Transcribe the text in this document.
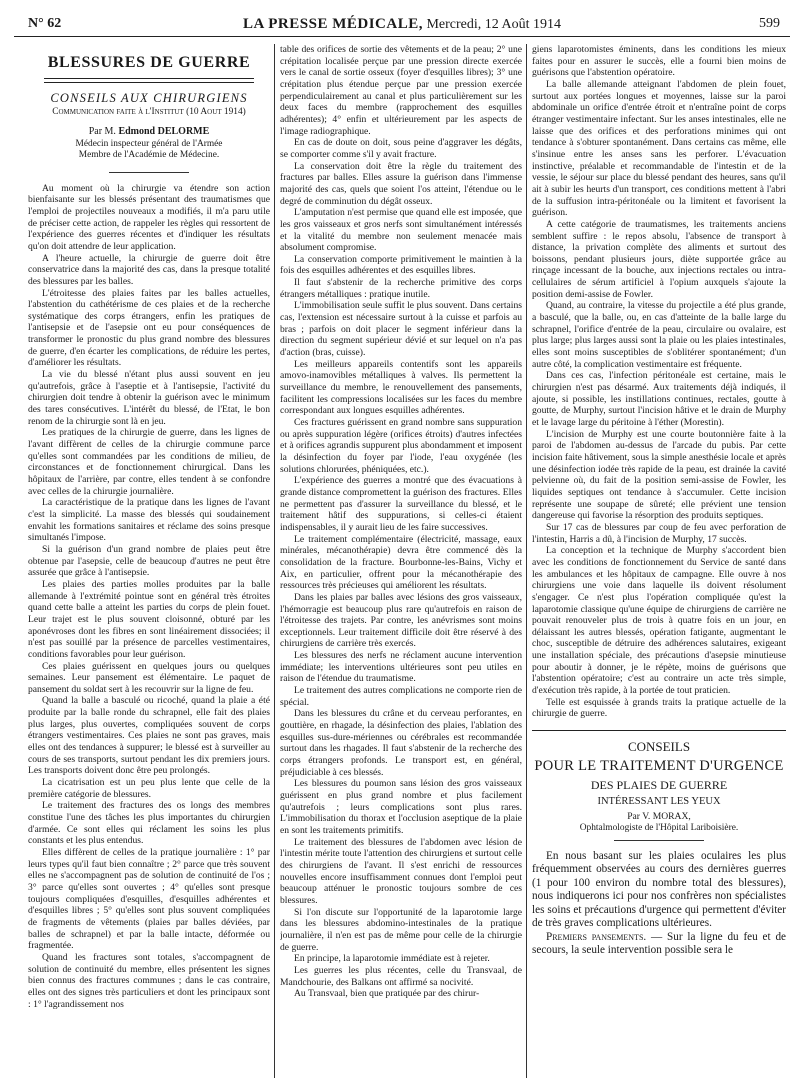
N° 62	LA PRESSE MÉDICALE, Mercredi, 12 Août 1914	599
BLESSURES DE GUERRE
CONSEILS AUX CHIRURGIENS
Communication faite à l'Institut (10 Aout 1914)
Par M. Edmond DELORME
Médecin inspecteur général de l'Armée
Membre de l'Académie de Médecine.

Au moment où la chirurgie va étendre son action bienfaisante sur les blessés présentant des traumatismes que l'emploi de projectiles nouveaux a modifiés, il m'a paru utile de préciser cette action, de rappeler les règles qui ressortent de l'expérience des guerres récentes et d'indiquer les résultats qu'on doit attendre de leur application.

A l'heure actuelle, la chirurgie de guerre doit être conservatrice dans la majorité des cas, dans la presque totalité des blessures par les balles.

L'étroitesse des plaies faites par les balles actuelles, l'abstention du cathétérisme de ces plaies et de la recherche systématique des corps étrangers, enfin les pratiques de l'antisepsie et de l'asepsie ont eu pour conséquences de transformer le pronostic du plus grand nombre des blessures de guerre, d'en écarter les complications, de réduire les pertes, d'améliorer les résultats.

La vie du blessé n'étant plus aussi souvent en jeu qu'autrefois, grâce à l'aseptie et à l'antisepsie, l'activité du chirurgien doit tendre à obtenir la guérison avec le minimum des tares consécutives. L'intérêt du blessé, de l'Etat, le bon renom de la chirurgie sont là en jeu.

Les pratiques de la chirurgie de guerre, dans les lignes de l'avant diffèrent de celles de la chirurgie commune parce qu'elles sont commandées par les conditions de milieu, de circonstances et de fonctionnement chirurgical. Dans les hôpitaux de l'arrière, par contre, elles tendent à se confondre avec celles de la chirurgie journalière.

La caractéristique de la pratique dans les lignes de l'avant c'est la simplicité. La masse des blessés qui soudainement envahit les formations sanitaires et réclame des soins presque simultanés l'impose.

Si la guérison d'un grand nombre de plaies peut être obtenue par l'asepsie, celle de beaucoup d'autres ne peut être assurée que grâce à l'antisepsie.

Les plaies des parties molles produites par la balle allemande à l'extrémité pointue sont en général très étroites quand cette balle a atteint les parties du corps de plein fouet. Leur trajet est le plus souvent cloisonné, obturé par les aponévroses dont les fibres en sont linéairement dissociées; il n'est pas souillé par la présence de parcelles vestimentaires, conditions favorables pour leur guérison.

Ces plaies guérissent en quelques jours ou quelques semaines. Leur pansement est élémentaire. Le paquet de pansement du soldat sert à les recouvrir sur la ligne de feu.

Quand la balle a basculé ou ricoché, quand la plaie a été produite par la balle ronde du schrapnel, elle fait des plaies plus larges, plus ouvertes, compliquées souvent de corps étrangers vestimentaires. Ces plaies ne sont pas graves, mais elles ont des tendances à suppurer; le blessé est à surveiller au cours de ses transports, surtout pendant les dix premiers jours. Les transports doivent donc être peu prolongés.

La cicatrisation est un peu plus lente que celle de la première catégorie de blessures.

Le traitement des fractures des os longs des membres constitue l'une des tâches les plus importantes du chirurgien d'armée. Ce sont elles qui réclament les soins les plus constants et les plus entendus.

Elles diffèrent de celles de la pratique journalière : 1° par leurs types qu'il faut bien connaître ; 2° parce que très souvent elles ne s'accompagnent pas de solution de continuité de l'os ; 3° parce qu'elles sont ouvertes ; 4° qu'elles sont presque toujours compliquées d'esquilles, d'esquilles adhérentes et d'esquilles libres ; 5° qu'elles sont plus souvent compliquées de fragments de vêtements (plaies par balles déviées, par balles de schrapnel) et par la balle intacte, déformée ou fragmentée.

Quand les fractures sont totales, s'accompagnent de solution de continuité du membre, elles présentent les signes bien connus des fractures communes ; dans le cas contraire, elles ont des signes très particuliers et dont les principaux sont : 1° l'agrandissement nos

table des orifices de sortie des vêtements et de la peau; 2° une crépitation localisée perçue par une pression directe exercée vers le canal de sortie osseux (foyer d'esquilles libres); 3° une crépitation plus étendue perçue par une pression exercée perpendiculairement au canal et plus particulièrement sur les deux faces du membre (rapprochement des esquilles adhérentes); 4° enfin et ultérieurement par les aspects de l'image radiographique.

En cas de doute on doit, sous peine d'aggraver les dégâts, se comporter comme s'il y avait fracture.

La conservation doit être la règle du traitement des fractures par balles. Elles assure la guérison dans l'immense majorité des cas, quels que soient l'os atteint, l'étendue ou le degré de comminution du dégât osseux.

L'amputation n'est permise que quand elle est imposée, que les gros vaisseaux et gros nerfs sont simultanément intéressés et la vitalité du membre non seulement menacée mais absolument compromise.

La conservation comporte primitivement le maintien à la fois des esquilles adhérentes et des esquilles libres.

Il faut s'abstenir de la recherche primitive des corps étrangers métalliques : pratique inutile.

L'immobilisation seule suffit le plus souvent. Dans certains cas, l'extension est nécessaire surtout à la cuisse et parfois au bras ; parfois on doit placer le segment inférieur dans la direction du segment supérieur dévié et sur lequel on n'a pas d'action (bras, cuisse).

Les meilleurs appareils contentifs sont les appareils amovo-inamovibles métalliques à valves. Ils permettent la surveillance du membre, le renouvellement des pansements, facilitent les compressions localisées sur les faces du membre correspondant aux longues esquilles adhérentes.

Ces fractures guérissent en grand nombre sans suppuration ou après suppuration légère (orifices étroits) d'autres infectées et à orifices agrandis suppurent plus abondamment et imposent la désinfection du foyer par l'iode, l'eau oxygénée (les solutions chlorurées, phéniquées, etc.).

L'expérience des guerres a montré que des évacuations à grande distance compromettent la guérison des fractures. Elles ne permettent pas d'assurer la surveillance du blessé, et le traitement hâtif des suppurations, si celles-ci étaient indispensables, il y aurait lieu de les faire successives.

Le traitement complémentaire (électricité, massage, eaux minérales, mécanothérapie) devra être commencé dès la consolidation de la fracture. Bourbonne-les-Bains, Vichy et Aix, en particulier, offrent pour la mécanothérapie des ressources très précieuses qui améliorent les résultats.

Dans les plaies par balles avec lésions des gros vaisseaux, l'hémorragie est beaucoup plus rare qu'autrefois en raison de l'étroitesse des trajets. Par contre, les anévrismes sont moins exceptionnels. Leur traitement difficile doit être réservé à des chirurgiens de carrière très exercés.

Les blessures des nerfs ne réclament aucune intervention immédiate; les interventions ultérieures sont peu utiles en raison de l'étendue du traumatisme.

Le traitement des autres complications ne comporte rien de spécial.

Dans les blessures du crâne et du cerveau perforantes, en gouttière, en rhagade, la désinfection des plaies, l'ablation des esquilles sus-dure-mériennes ou cérébrales est recommandée surtout dans les rhagades. Il faut s'abstenir de la recherche des corps étrangers profonds. Le transport est, en général, préjudiciable à ces blessés.

Les blessures du poumon sans lésion des gros vaisseaux guérissent en plus grand nombre et plus facilement qu'autrefois ; leurs complications sont plus rares. L'immobilisation du thorax et l'occlusion aseptique de la plaie en sont les traitements primitifs.

Le traitement des blessures de l'abdomen avec lésion de l'intestin mérite toute l'attention des chirurgiens et surtout celle des chirurgiens de l'avant. Il s'est enrichi de ressources nouvelles encore insuffisamment connues dont l'emploi peut beaucoup atténuer le pronostic toujours sombre de ces blessures.

Si l'on discute sur l'opportunité de la laparotomie large dans les blessures abdomino-intestinales de la pratique journalière, il n'en est pas de même pour celle de la chirurgie de guerre.

En principe, la laparotomie immédiate est à rejeter.

Les guerres les plus récentes, celle du Transvaal, de Mandchourie, des Balkans ont affirmé sa nocivité.

Au Transvaal, bien que pratiquée par des chirur-

giens laparotomistes éminents, dans les conditions les mieux faites pour en assurer le succès, elle a fourni bien moins de guérisons que l'abstention opératoire.

La balle allemande atteignant l'abdomen de plein fouet, surtout aux portées longues et moyennes, laisse sur la paroi abdominale un orifice d'entrée étroit et n'entraîne point de corps étranger vestimentaire infectant. Sur les anses intestinales, elle ne laisse que des orifices et des perforations minimes qui ont tendance à s'obturer spontanément. Dans certains cas même, elle s'insinue entre les anses sans les perforer. L'évacuation instinctive, préalable et recommandable de l'intestin et de la vessie, le séjour sur place du blessé pendant des heures, sans qu'il ait à subir les heurts d'un transport, ces conditions mettent à l'abri de la suffusion intra-péritonéale ou la limitent et favorisent la guérison.

A cette catégorie de traumatismes, les traitements anciens semblent suffire : le repos absolu, l'absence de transport à distance, la privation complète des aliments et surtout des boissons, pendant plusieurs jours, diète supportée grâce au rinçage incessant de la bouche, aux injections rectales ou intra-cellulaires de sérum artificiel à l'opium auxquels s'ajoute la position demi-assise de Fowler.

Quand, au contraire, la vitesse du projectile a été plus grande, a basculé, que la balle, ou, en cas d'atteinte de la balle large du schrapnel, l'orifice d'entrée de la peau, circulaire ou ovalaire, est plus large; plus larges aussi sont la plaie ou les plaies intestinales, elles sont moins susceptibles de s'oblitérer spontanément; d'un autre côté, la complication vestimentaire est fréquente.

Dans ces cas, l'infection péritonéale est certaine, mais le chirurgien n'est pas désarmé. Aux traitements déjà indiqués, il ajoute, si possible, les instillations continues, rectales, goutte à goutte, de Murphy, surtout l'incision hâtive et le drain de Murphy et le lavage large du péritoine à l'éther (Morestin).

L'incision de Murphy est une courte boutonnière faite à la paroi de l'abdomen au-dessus de l'arcade du pubis. Par cette incision faite hâtivement, sous la simple anesthésie locale et après une désinfection iodée très rapide de la peau, est drainée la cavité pelvienne où, du fait de la position semi-assise de Fowler, les liquides septiques ont tendance à s'accumuler. Cette incision représente une soupape de sûreté; elle prévient une tension dangereuse qui favorise la résorption des produits septiques.

Sur 17 cas de blessures par coup de feu avec perforation de l'intestin, Harris a dû, à l'incision de Murphy, 17 succès.

La conception et la technique de Murphy s'accordent bien avec les conditions de fonctionnement du Service de santé dans les ambulances et les hôpitaux de campagne. Elle ouvre à nos chirurgiens une voie dans laquelle ils doivent résolument s'engager. Ce n'est plus l'opération compliquée qu'est la laparotomie classique qu'une équipe de chirurgiens de carrière ne pouvait renouveler plus de trois à quatre fois en un jour, en délaissant les autres blessés, opération fatigante, augmentant le choc, susceptible de détruire des adhérences salutaires, exigeant une installation spéciale, des précautions d'asepsie minutieuse pour aboutir à donner, je le répète, moins de guérisons que l'abstention opératoire; c'est au contraire un acte très simple, d'exécution très rapide, à la portée de tout praticien.

Telle est esquissée à grands traits la pratique actuelle de la chirurgie de guerre.

CONSEILS
POUR LE TRAITEMENT D'URGENCE
DES PLAIES DE GUERRE
INTÉRESSANT LES YEUX
Par V. MORAX,
Ophtalmologiste de l'Hôpital Lariboisière.

En nous basant sur les plaies oculaires les plus fréquemment observées au cours des dernières guerres (1 pour 100 environ du nombre total des blessures), nous indiquerons ici pour nos confrères non spécialistes les soins et précautions d'urgence qui permettent d'éviter de très graves complications ultérieures.

Premiers pansements. — Sur la ligne du feu et de secours, la seule intervention possible sera le
